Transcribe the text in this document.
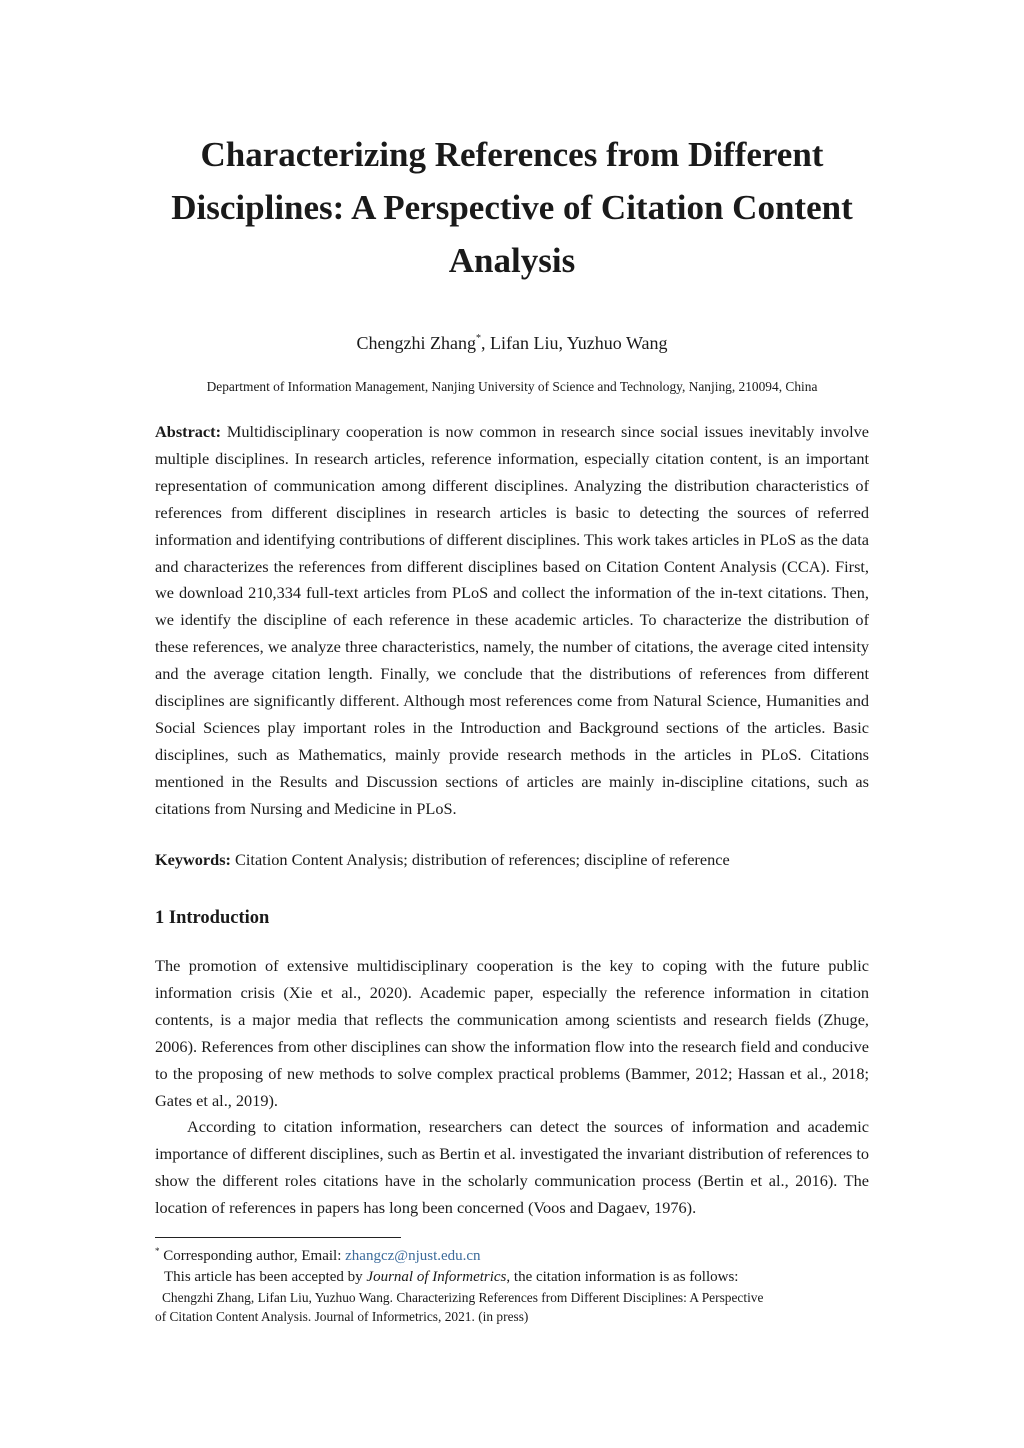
Characterizing References from Different Disciplines: A Perspective of Citation Content Analysis
Chengzhi Zhang*, Lifan Liu, Yuzhuo Wang
Department of Information Management, Nanjing University of Science and Technology, Nanjing, 210094, China

Abstract: Multidisciplinary cooperation is now common in research since social issues inevitably involve multiple disciplines. In research articles, reference information, especially citation content, is an important representation of communication among different disciplines. Analyzing the distribution characteristics of references from different disciplines in research articles is basic to detecting the sources of referred information and identifying contributions of different disciplines. This work takes articles in PLoS as the data and characterizes the references from different disciplines based on Citation Content Analysis (CCA). First, we download 210,334 full-text articles from PLoS and collect the information of the in-text citations. Then, we identify the discipline of each reference in these academic articles. To characterize the distribution of these references, we analyze three characteristics, namely, the number of citations, the average cited intensity and the average citation length. Finally, we conclude that the distributions of references from different disciplines are significantly different. Although most references come from Natural Science, Humanities and Social Sciences play important roles in the Introduction and Background sections of the articles. Basic disciplines, such as Mathematics, mainly provide research methods in the articles in PLoS. Citations mentioned in the Results and Discussion sections of articles are mainly in-discipline citations, such as citations from Nursing and Medicine in PLoS.

Keywords: Citation Content Analysis; distribution of references; discipline of reference

1 Introduction

The promotion of extensive multidisciplinary cooperation is the key to coping with the future public information crisis (Xie et al., 2020). Academic paper, especially the reference information in citation contents, is a major media that reflects the communication among scientists and research fields (Zhuge, 2006). References from other disciplines can show the information flow into the research field and conducive to the proposing of new methods to solve complex practical problems (Bammer, 2012; Hassan et al., 2018; Gates et al., 2019).

According to citation information, researchers can detect the sources of information and academic importance of different disciplines, such as Bertin et al. investigated the invariant distribution of references to show the different roles citations have in the scholarly communication process (Bertin et al., 2016). The location of references in papers has long been concerned (Voos and Dagaev, 1976).

* Corresponding author, Email: zhangcz@njust.edu.cn
This article has been accepted by Journal of Informetrics, the citation information is as follows:
Chengzhi Zhang, Lifan Liu, Yuzhuo Wang. Characterizing References from Different Disciplines: A Perspective
of Citation Content Analysis. Journal of Informetrics, 2021. (in press)
